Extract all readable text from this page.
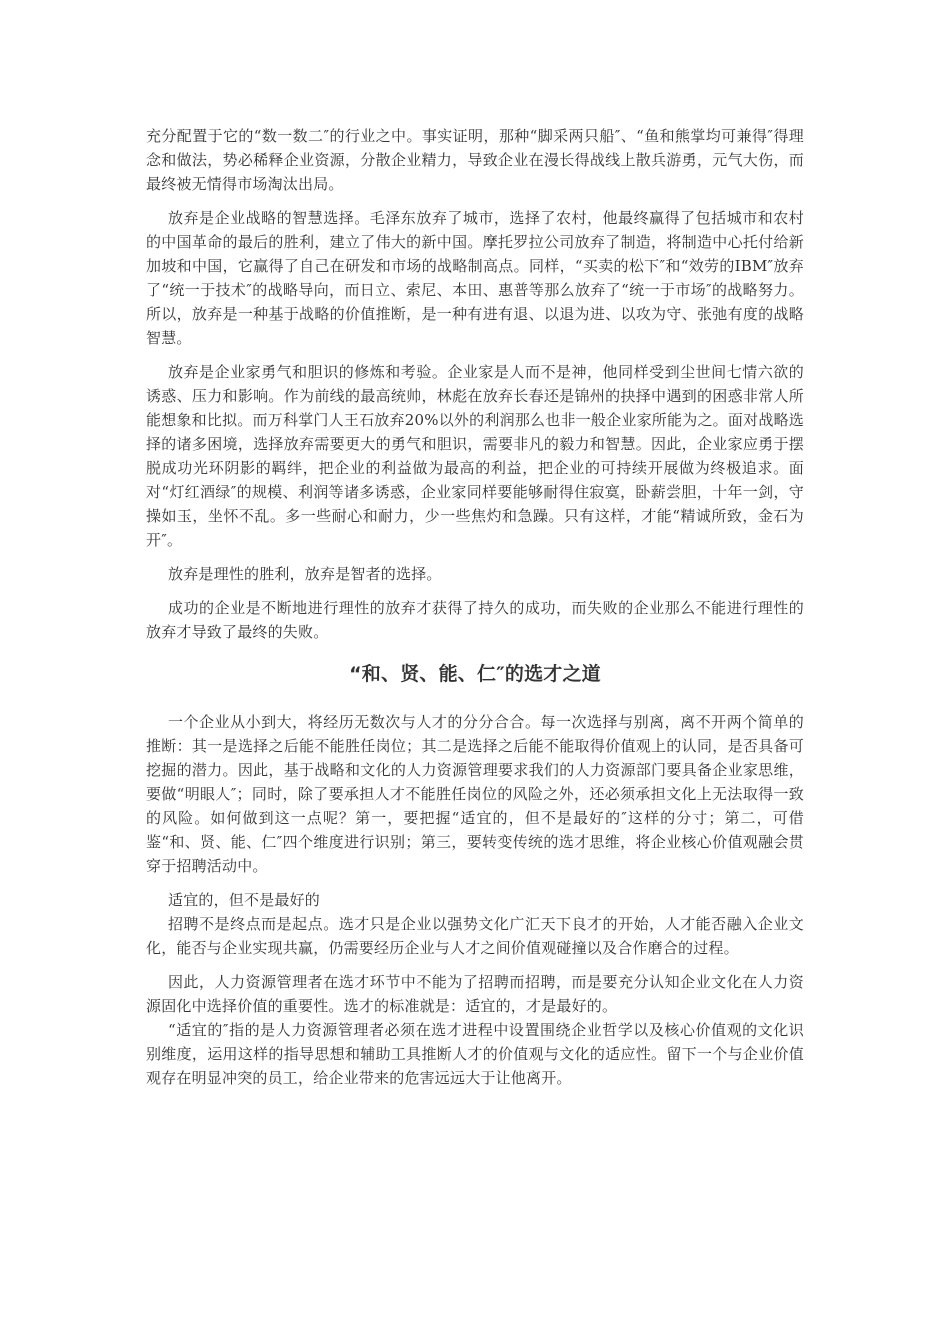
充分配置于它的“数一数二″的行业之中。事实证明，那种“脚采两只船″、“鱼和熊掌均可兼得″得理念和做法，势必稀释企业资源，分散企业精力，导致企业在漫长得战线上散兵游勇，元气大伤，而最终被无情得市场淘汰出局。

放弃是企业战略的智慧选择。毛泽东放弃了城市，选择了农村，他最终赢得了包括城市和农村的中国革命的最后的胜利，建立了伟大的新中国。摩托罗拉公司放弃了制造，将制造中心托付给新加坡和中国，它赢得了自己在研发和市场的战略制高点。同样，“买卖的松下″和“效劳的IBM″放弃了“统一于技术″的战略导向，而日立、索尼、本田、惠普等那么放弃了“统一于市场″的战略努力。所以，放弃是一种基于战略的价值推断，是一种有进有退、以退为进、以攻为守、张弛有度的战略智慧。

放弃是企业家勇气和胆识的修炼和考验。企业家是人而不是神，他同样受到尘世间七情六欲的诱惑、压力和影响。作为前线的最高统帅，林彪在放弃长春还是锦州的抉择中遇到的困惑非常人所能想象和比拟。而万科掌门人王石放弃20%以外的利润那么也非一般企业家所能为之。面对战略选择的诸多困境，选择放弃需要更大的勇气和胆识，需要非凡的毅力和智慧。因此，企业家应勇于摆脱成功光环阴影的羁绊，把企业的利益做为最高的利益，把企业的可持续开展做为终极追求。面对“灯红酒绿″的规模、利润等诸多诱惑，企业家同样要能够耐得住寂寞，卧薪尝胆，十年一剑，守操如玉，坐怀不乱。多一些耐心和耐力，少一些焦灼和急躁。只有这样，才能“精诚所致，金石为开″。

放弃是理性的胜利，放弃是智者的选择。

成功的企业是不断地进行理性的放弃才获得了持久的成功，而失败的企业那么不能进行理性的放弃才导致了最终的失败。

“和、贤、能、仁″的选才之道

一个企业从小到大，将经历无数次与人才的分分合合。每一次选择与别离，离不开两个简单的推断：其一是选择之后能不能胜任岗位；其二是选择之后能不能取得价值观上的认同，是否具备可挖掘的潜力。因此，基于战略和文化的人力资源管理要求我们的人力资源部门要具备企业家思维，要做“明眼人″；同时，除了要承担人才不能胜任岗位的风险之外，还必须承担文化上无法取得一致的风险。如何做到这一点呢？第一，要把握“适宜的，但不是最好的″这样的分寸；第二，可借鉴“和、贤、能、仁″四个维度进行识别；第三，要转变传统的选才思维，将企业核心价值观融会贯穿于招聘活动中。

适宜的，但不是最好的

招聘不是终点而是起点。选才只是企业以强势文化广汇天下良才的开始，人才能否融入企业文化，能否与企业实现共赢，仍需要经历企业与人才之间价值观碰撞以及合作磨合的过程。

因此，人力资源管理者在选才环节中不能为了招聘而招聘，而是要充分认知企业文化在人力资源固化中选择价值的重要性。选才的标准就是：适宜的，才是最好的。

“适宜的″指的是人力资源管理者必须在选才进程中设置围绕企业哲学以及核心价值观的文化识别维度，运用这样的指导思想和辅助工具推断人才的价值观与文化的适应性。留下一个与企业价值观存在明显冲突的员工，给企业带来的危害远远大于让他离开。
